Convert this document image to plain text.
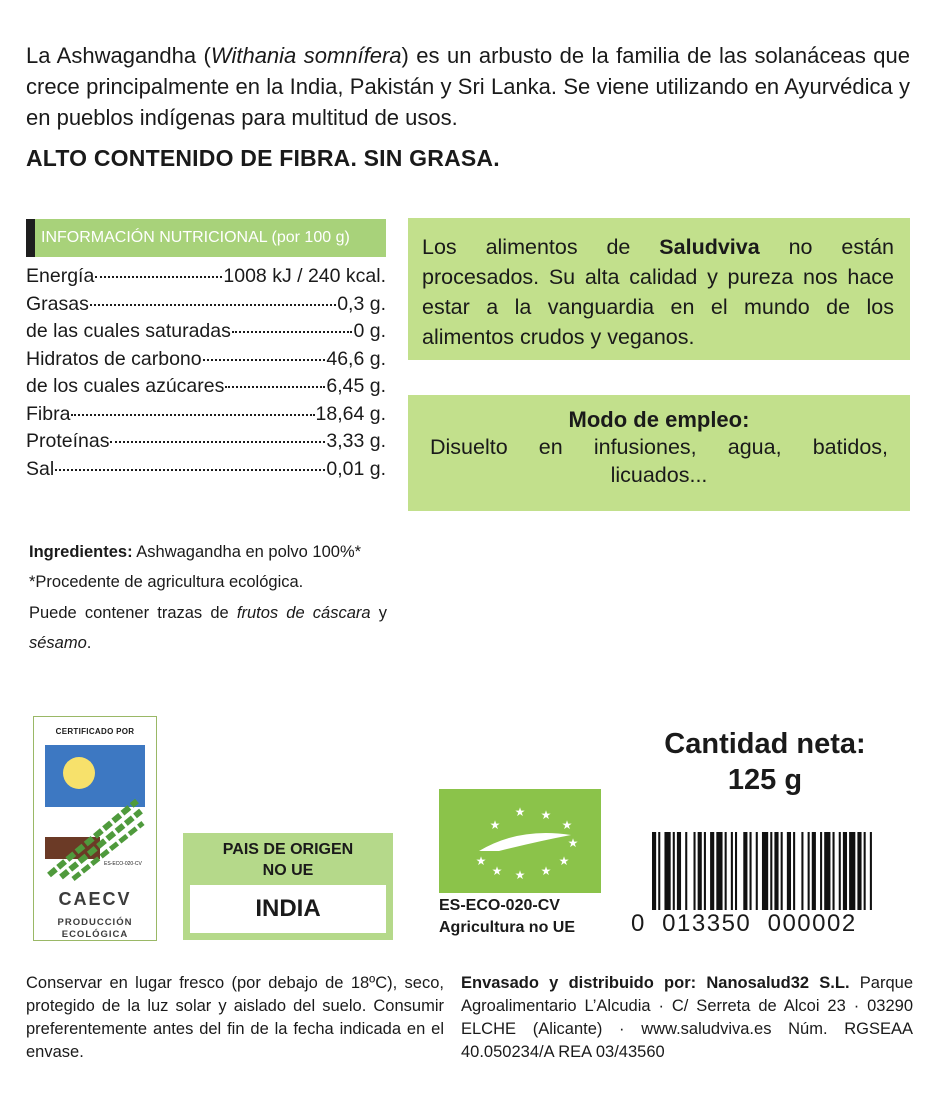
La Ashwagandha (Withania somnífera) es un arbusto de la familia de las solanáceas que crece principalmente en la India, Pakistán y Sri Lanka. Se viene utilizando en Ayurvédica y en pueblos indígenas para multitud de usos.
ALTO CONTENIDO DE FIBRA. SIN GRASA.
INFORMACIÓN NUTRICIONAL (por 100 g)
Energía	1008 kJ / 240 kcal.
Grasas	0,3 g.
de las cuales saturadas	0 g.
Hidratos de carbono	46,6 g.
de los cuales azúcares	6,45 g.
Fibra	18,64 g.
Proteínas	3,33 g.
Sal	0,01 g.
Los alimentos de Saludviva no están procesados. Su alta calidad y pureza nos hace estar a la vanguardia en el mundo de los alimentos crudos y veganos.
Modo de empleo:
Disuelto en infusiones, agua, batidos, licuados...

Ingredientes: Ashwagandha en polvo 100%*

*Procedente de agricultura ecológica.

Puede contener trazas de frutos de cáscara y sésamo.

CERTIFICADO POR
ES-ECO-020-CV
CAECV
PRODUCCIÓN
ECOLÓGICA
PAIS DE ORIGEN
NO UE
INDIA
★ ★
★
★
★
★
★
★
★
★
ES-ECO-020-CV
Agricultura no UE
Cantidad neta:
125 g
0  013350  000002
Conservar en lugar fresco (por debajo de 18ºC), seco, protegido de la luz solar y aislado del suelo. Consumir preferentemente antes del fin de la fecha indicada en el envase.
Envasado y distribuido por: Nanosalud32 S.L. Parque Agroalimentario L’Alcudia · C/ Serreta de Alcoi 23 · 03290 ELCHE (Alicante) · www.saludviva.es Núm. RGSEAA 40.050234/A REA 03/43560
